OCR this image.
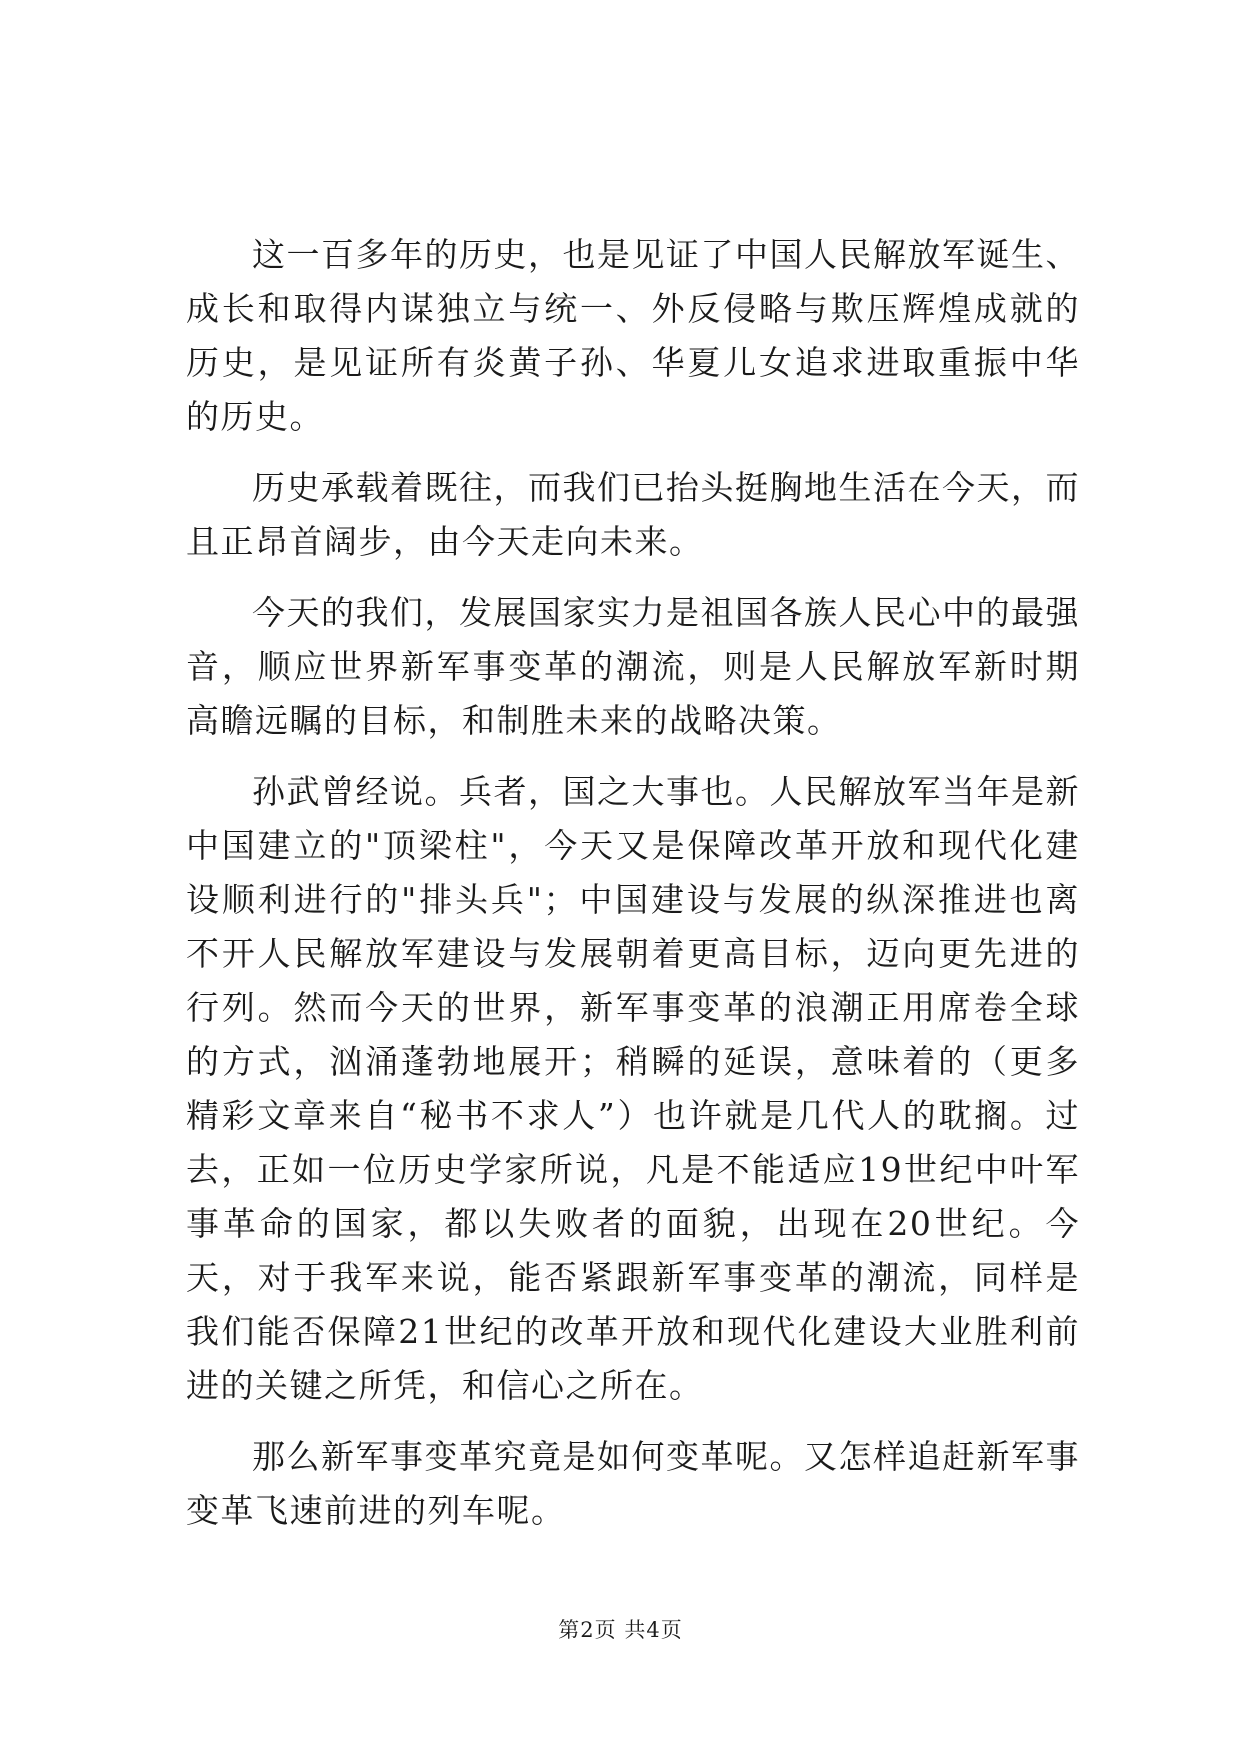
这一百多年的历史，也是见证了中国人民解放军诞生、成长和取得内谋独立与统一、外反侵略与欺压辉煌成就的历史，是见证所有炎黄子孙、华夏儿女追求进取重振中华的历史。

历史承载着既往，而我们已抬头挺胸地生活在今天，而且正昂首阔步，由今天走向未来。

今天的我们，发展国家实力是祖国各族人民心中的最强音，顺应世界新军事变革的潮流，则是人民解放军新时期高瞻远瞩的目标，和制胜未来的战略决策。

孙武曾经说。兵者，国之大事也。人民解放军当年是新中国建立的"顶梁柱"，今天又是保障改革开放和现代化建设顺利进行的"排头兵"；中国建设与发展的纵深推进也离不开人民解放军建设与发展朝着更高目标，迈向更先进的行列。然而今天的世界，新军事变革的浪潮正用席卷全球的方式，汹涌蓬勃地展开；稍瞬的延误，意味着的（更多精彩文章来自“秘书不求人”）也许就是几代人的耽搁。过去，正如一位历史学家所说，凡是不能适应19世纪中叶军事革命的国家，都以失败者的面貌，出现在20世纪。今天，对于我军来说，能否紧跟新军事变革的潮流，同样是我们能否保障21世纪的改革开放和现代化建设大业胜利前进的关键之所凭，和信心之所在。

那么新军事变革究竟是如何变革呢。又怎样追赶新军事变革飞速前进的列车呢。

第2页 共4页
